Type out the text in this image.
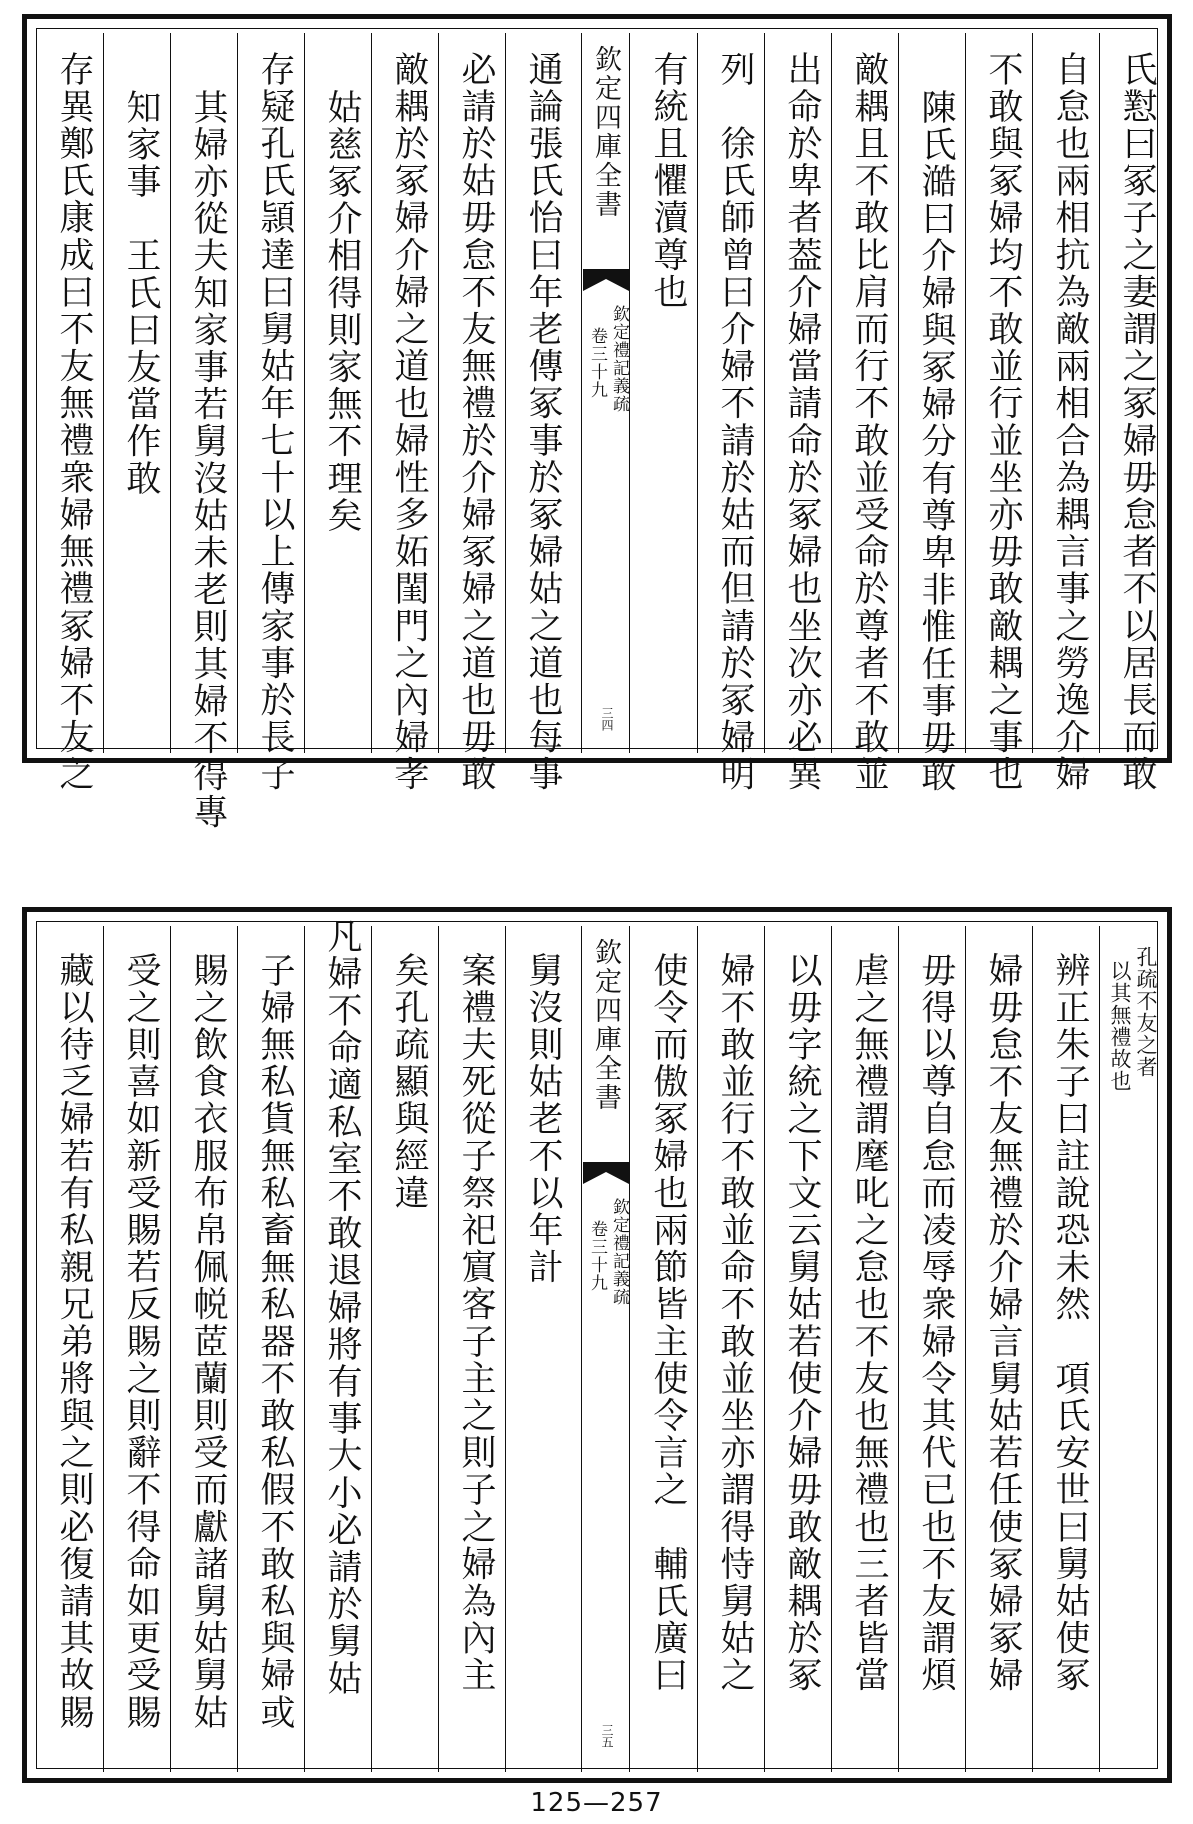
氏懟曰冢子之妻謂之冢婦毋怠者不以居長而敢
自怠也兩相抗為敵兩相合為耦言事之勞逸介婦
不敢與冢婦均不敢並行並坐亦毋敢敵耦之事也
陳氏澔曰介婦與冢婦分有尊卑非惟任事毋敢
敵耦且不敢比肩而行不敢並受命於尊者不敢並
出命於卑者葢介婦當請命於冢婦也坐次亦必異
列　徐氏師曾曰介婦不請於姑而但請於冢婦明
有統且懼瀆尊也
欽定四庫全書
欽定禮記義疏
卷三十九
三四
通論張氏怡曰年老傳冢事於冢婦姑之道也每事
必請於姑毋怠不友無禮於介婦冢婦之道也毋敢
敵耦於冢婦介婦之道也婦性多妬閨門之內婦孝
姑慈冢介相得則家無不理矣
存疑孔氏頴達曰舅姑年七十以上傳家事於長子
其婦亦從夫知家事若舅沒姑未老則其婦不得專
知家事　王氏曰友當作敢
存異鄭氏康成曰不友無禮衆婦無禮冢婦不友之
孔疏不友之者
以其無禮故也
辨正朱子曰註說恐未然　項氏安世曰舅姑使冢
婦毋怠不友無禮於介婦言舅姑若任使冢婦冢婦
毋得以尊自怠而凌辱衆婦令其代已也不友謂煩
虐之無禮謂麾叱之怠也不友也無禮也三者皆當
以毋字統之下文云舅姑若使介婦毋敢敵耦於冢
婦不敢並行不敢並命不敢並坐亦謂得恃舅姑之
使令而傲冢婦也兩節皆主使令言之　輔氏廣曰
欽定四庫全書
欽定禮記義疏
卷三十九
三五
舅沒則姑老不以年計
案禮夫死從子祭祀賔客子主之則子之婦為內主
矣孔疏顯與經違
凡婦不命適私室不敢退婦將有事大小必請於舅姑
子婦無私貨無私畜無私器不敢私假不敢私與婦或
賜之飲食衣服布帛佩帨茝蘭則受而獻諸舅姑舅姑
受之則喜如新受賜若反賜之則辭不得命如更受賜
藏以待乏婦若有私親兄弟將與之則必復請其故賜
125—257
